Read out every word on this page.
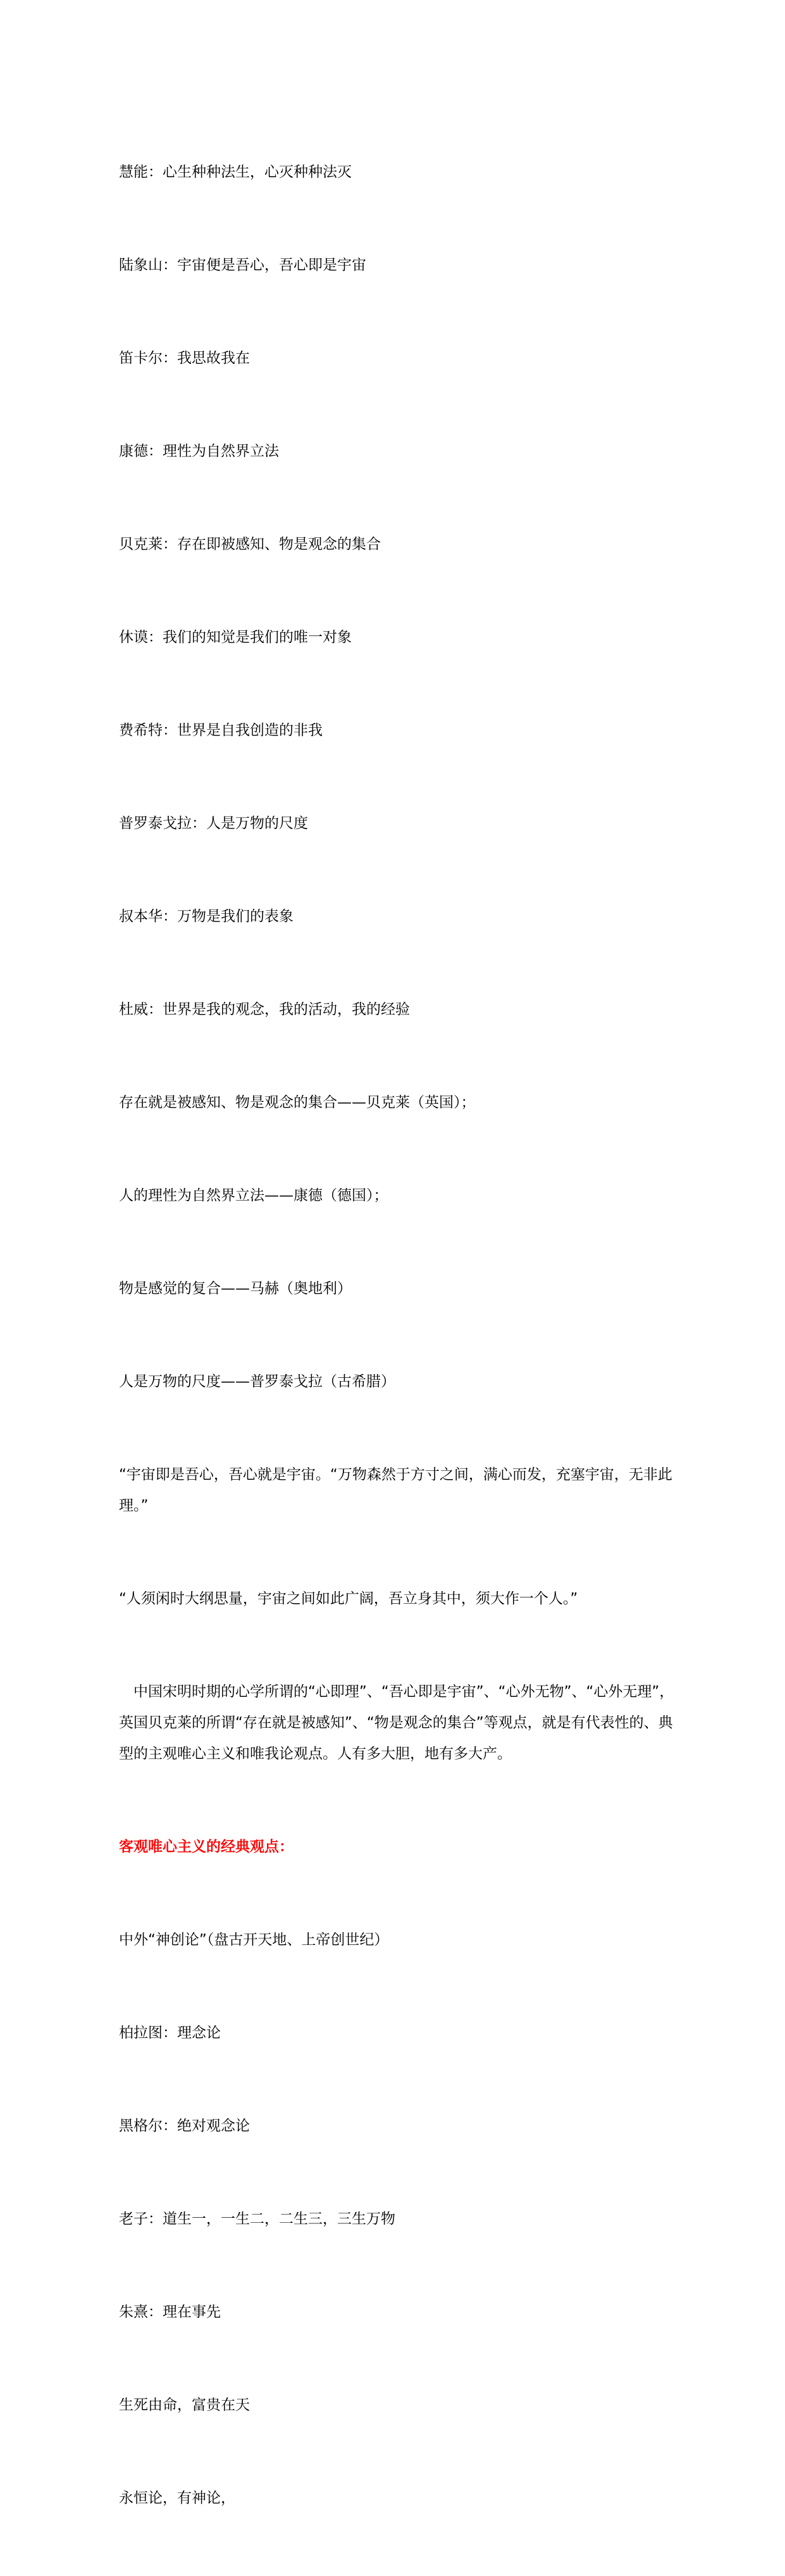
慧能：心生种种法生，心灭种种法灭

陆象山：宇宙便是吾心，吾心即是宇宙

笛卡尔：我思故我在

康德：理性为自然界立法

贝克莱：存在即被感知、物是观念的集合

休谟：我们的知觉是我们的唯一对象

费希特：世界是自我创造的非我

普罗泰戈拉：人是万物的尺度

叔本华：万物是我们的表象

杜威：世界是我的观念，我的活动，我的经验

存在就是被感知、物是观念的集合——贝克莱（英国）；

人的理性为自然界立法——康德（德国）；

物是感觉的复合——马赫（奥地利）

人是万物的尺度——普罗泰戈拉（古希腊）

“宇宙即是吾心，吾心就是宇宙。“万物森然于方寸之间，满心而发，充塞宇宙，无非此理。”

“人须闲时大纲思量，宇宙之间如此广阔，吾立身其中，须大作一个人。”

　中国宋明时期的心学所谓的“心即理”、“吾心即是宇宙”、“心外无物”、“心外无理”，英国贝克莱的所谓“存在就是被感知”、“物是观念的集合”等观点，就是有代表性的、典型的主观唯心主义和唯我论观点。人有多大胆，地有多大产。

客观唯心主义的经典观点：

中外“神创论”（盘古开天地、上帝创世纪）

柏拉图：理念论

黑格尔：绝对观念论

老子：道生一，一生二，二生三，三生万物

朱熹：理在事先

生死由命，富贵在天

永恒论，有神论，
